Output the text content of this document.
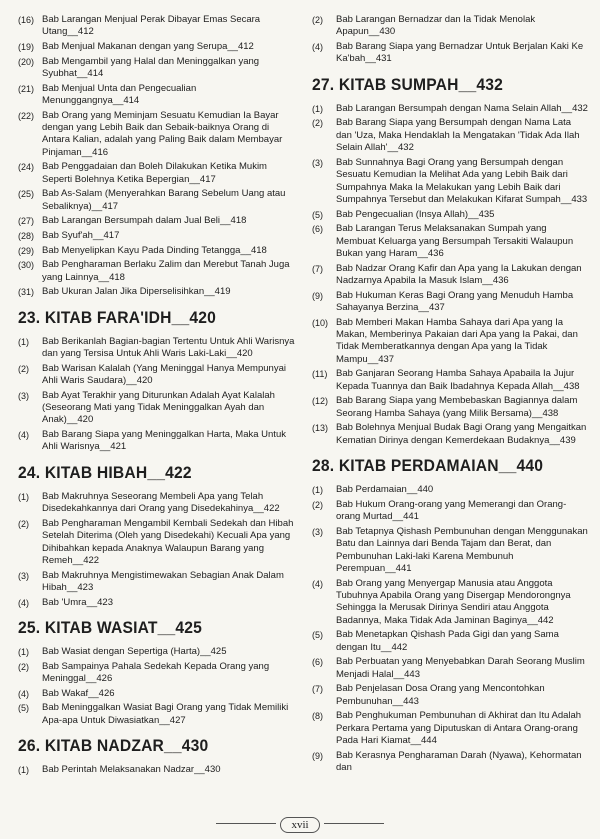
(16) Bab Larangan Menjual Perak Dibayar Emas Secara Utang__412
(19) Bab Menjual Makanan dengan yang Serupa__412
(20) Bab Mengambil yang Halal dan Meninggalkan yang Syubhat__414
(21) Bab Menjual Unta dan Pengecualian Menunggangnya__414
(22) Bab Orang yang Meminjam Sesuatu Kemudian Ia Bayar dengan yang Lebih Baik dan Sebaik-baiknya Orang di Antara Kalian, adalah yang Paling Baik dalam Membayar Pinjaman__416
(24) Bab Penggadaian dan Boleh Dilakukan Ketika Mukim Seperti Bolehnya Ketika Bepergian__417
(25) Bab As-Salam (Menyerahkan Barang Sebelum Uang atau Sebaliknya)__417
(27) Bab Larangan Bersumpah dalam Jual Beli__418
(28) Bab Syuf'ah__417
(29) Bab Menyelipkan Kayu Pada Dinding Tetangga__418
(30) Bab Pengharaman Berlaku Zalim dan Merebut Tanah Juga yang Lainnya__418
(31) Bab Ukuran Jalan Jika Diperselisihkan__419
23. KITAB FARA'IDH__420
(1)	Bab Berikanlah Bagian-bagian Tertentu Untuk Ahli Warisnya dan yang Tersisa Untuk Ahli Waris Laki-Laki__420
(2)	Bab Warisan Kalalah (Yang Meninggal Hanya Mempunyai Ahli Waris Saudara)__420
(3)	Bab Ayat Terakhir yang Diturunkan Adalah Ayat Kalalah (Seseorang Mati yang Tidak Meninggalkan Ayah dan Anak)__420
(4)	Bab Barang Siapa yang Meninggalkan Harta, Maka Untuk Ahli Warisnya__421
24. KITAB HIBAH__422
(1)	Bab Makruhnya Seseorang Membeli Apa yang Telah Disedekahkannya dari Orang yang Disedekahinya__422
(2)	Bab Pengharaman Mengambil Kembali Sedekah dan Hibah Setelah Diterima (Oleh yang Disedekahi) Kecuali Apa yang Dihibahkan kepada Anaknya Walaupun Barang yang Remeh__422
(3)	Bab Makruhnya Mengistimewakan Sebagian Anak Dalam Hibah__423
(4)	Bab 'Umra__423
25. KITAB WASIAT__425
(1)	Bab Wasiat dengan Sepertiga (Harta)__425
(2)	Bab Sampainya Pahala Sedekah Kepada Orang yang Meninggal__426
(4)	Bab Wakaf__426
(5)	Bab Meninggalkan Wasiat Bagi Orang yang Tidak Memiliki Apa-apa Untuk Diwasiatkan__427
26. KITAB NADZAR__430
(1)	Bab Perintah Melaksanakan Nadzar__430
(2)	Bab Larangan Bernadzar dan Ia Tidak Menolak Apapun__430
(4)	Bab Barang Siapa yang Bernadzar Untuk Berjalan Kaki Ke Ka'bah__431
27. KITAB SUMPAH__432
(1)	Bab Larangan Bersumpah dengan Nama Selain Allah__432
(2)	Bab Barang Siapa yang Bersumpah dengan Nama Lata dan 'Uza, Maka Hendaklah Ia Mengatakan 'Tidak Ada Ilah Selain Allah'__432
(3)	Bab Sunnahnya Bagi Orang yang Bersumpah dengan Sesuatu Kemudian Ia Melihat Ada yang Lebih Baik dari Sumpahnya Maka Ia Melakukan yang Lebih Baik dari Sumpahnya Tersebut dan Melakukan Kifarat Sumpah__433
(5)	Bab Pengecualian (Insya Allah)__435
(6)	Bab Larangan Terus Melaksanakan Sumpah yang Membuat Keluarga yang Bersumpah Tersakiti Walaupun Bukan yang Haram__436
(7)	Bab Nadzar Orang Kafir dan Apa yang Ia Lakukan dengan Nadzarnya Apabila Ia Masuk Islam__436
(9)	Bab Hukuman Keras Bagi Orang yang Menuduh Hamba Sahayanya Berzina__437
(10) Bab Memberi Makan Hamba Sahaya dari Apa yang Ia Makan, Memberinya Pakaian dari Apa yang Ia Pakai, dan Tidak Memberatkannya dengan Apa yang Ia Tidak Mampu__437
(11) Bab Ganjaran Seorang Hamba Sahaya Apabaila Ia Jujur Kepada Tuannya dan Baik Ibadahnya Kepada Allah__438
(12) Bab Barang Siapa yang Membebaskan Bagiannya dalam Seorang Hamba Sahaya (yang Milik Bersama)__438
(13) Bab Bolehnya Menjual Budak Bagi Orang yang Mengaitkan Kematian Dirinya dengan Kemerdekaan Budaknya__439
28. KITAB PERDAMAIAN__440
(1)	Bab Perdamaian__440
(2)	Bab Hukum Orang-orang yang Memerangi dan Orang-orang Murtad__441
(3)	Bab Tetapnya Qishash Pembunuhan dengan Menggunakan Batu dan Lainnya dari Benda Tajam dan Berat, dan Pembunuhan Laki-laki Karena Membunuh Perempuan__441
(4)	Bab Orang yang Menyergap Manusia atau Anggota Tubuhnya Apabila Orang yang Disergap Mendorongnya Sehingga Ia Merusak Dirinya Sendiri atau Anggota Badannya, Maka Tidak Ada Jaminan Baginya__442
(5)	Bab Menetapkan Qishash Pada Gigi dan yang Sama dengan Itu__442
(6)	Bab Perbuatan yang Menyebabkan Darah Seorang Muslim Menjadi Halal__443
(7)	Bab Penjelasan Dosa Orang yang Mencontohkan Pembunuhan__443
(8)	Bab Penghukuman Pembunuhan di Akhirat dan Itu Adalah Perkara Pertama yang Diputuskan di Antara Orang-orang Pada Hari Kiamat__444
(9)	Bab Kerasnya Pengharaman Darah (Nyawa), Kehormatan dan
xvii
